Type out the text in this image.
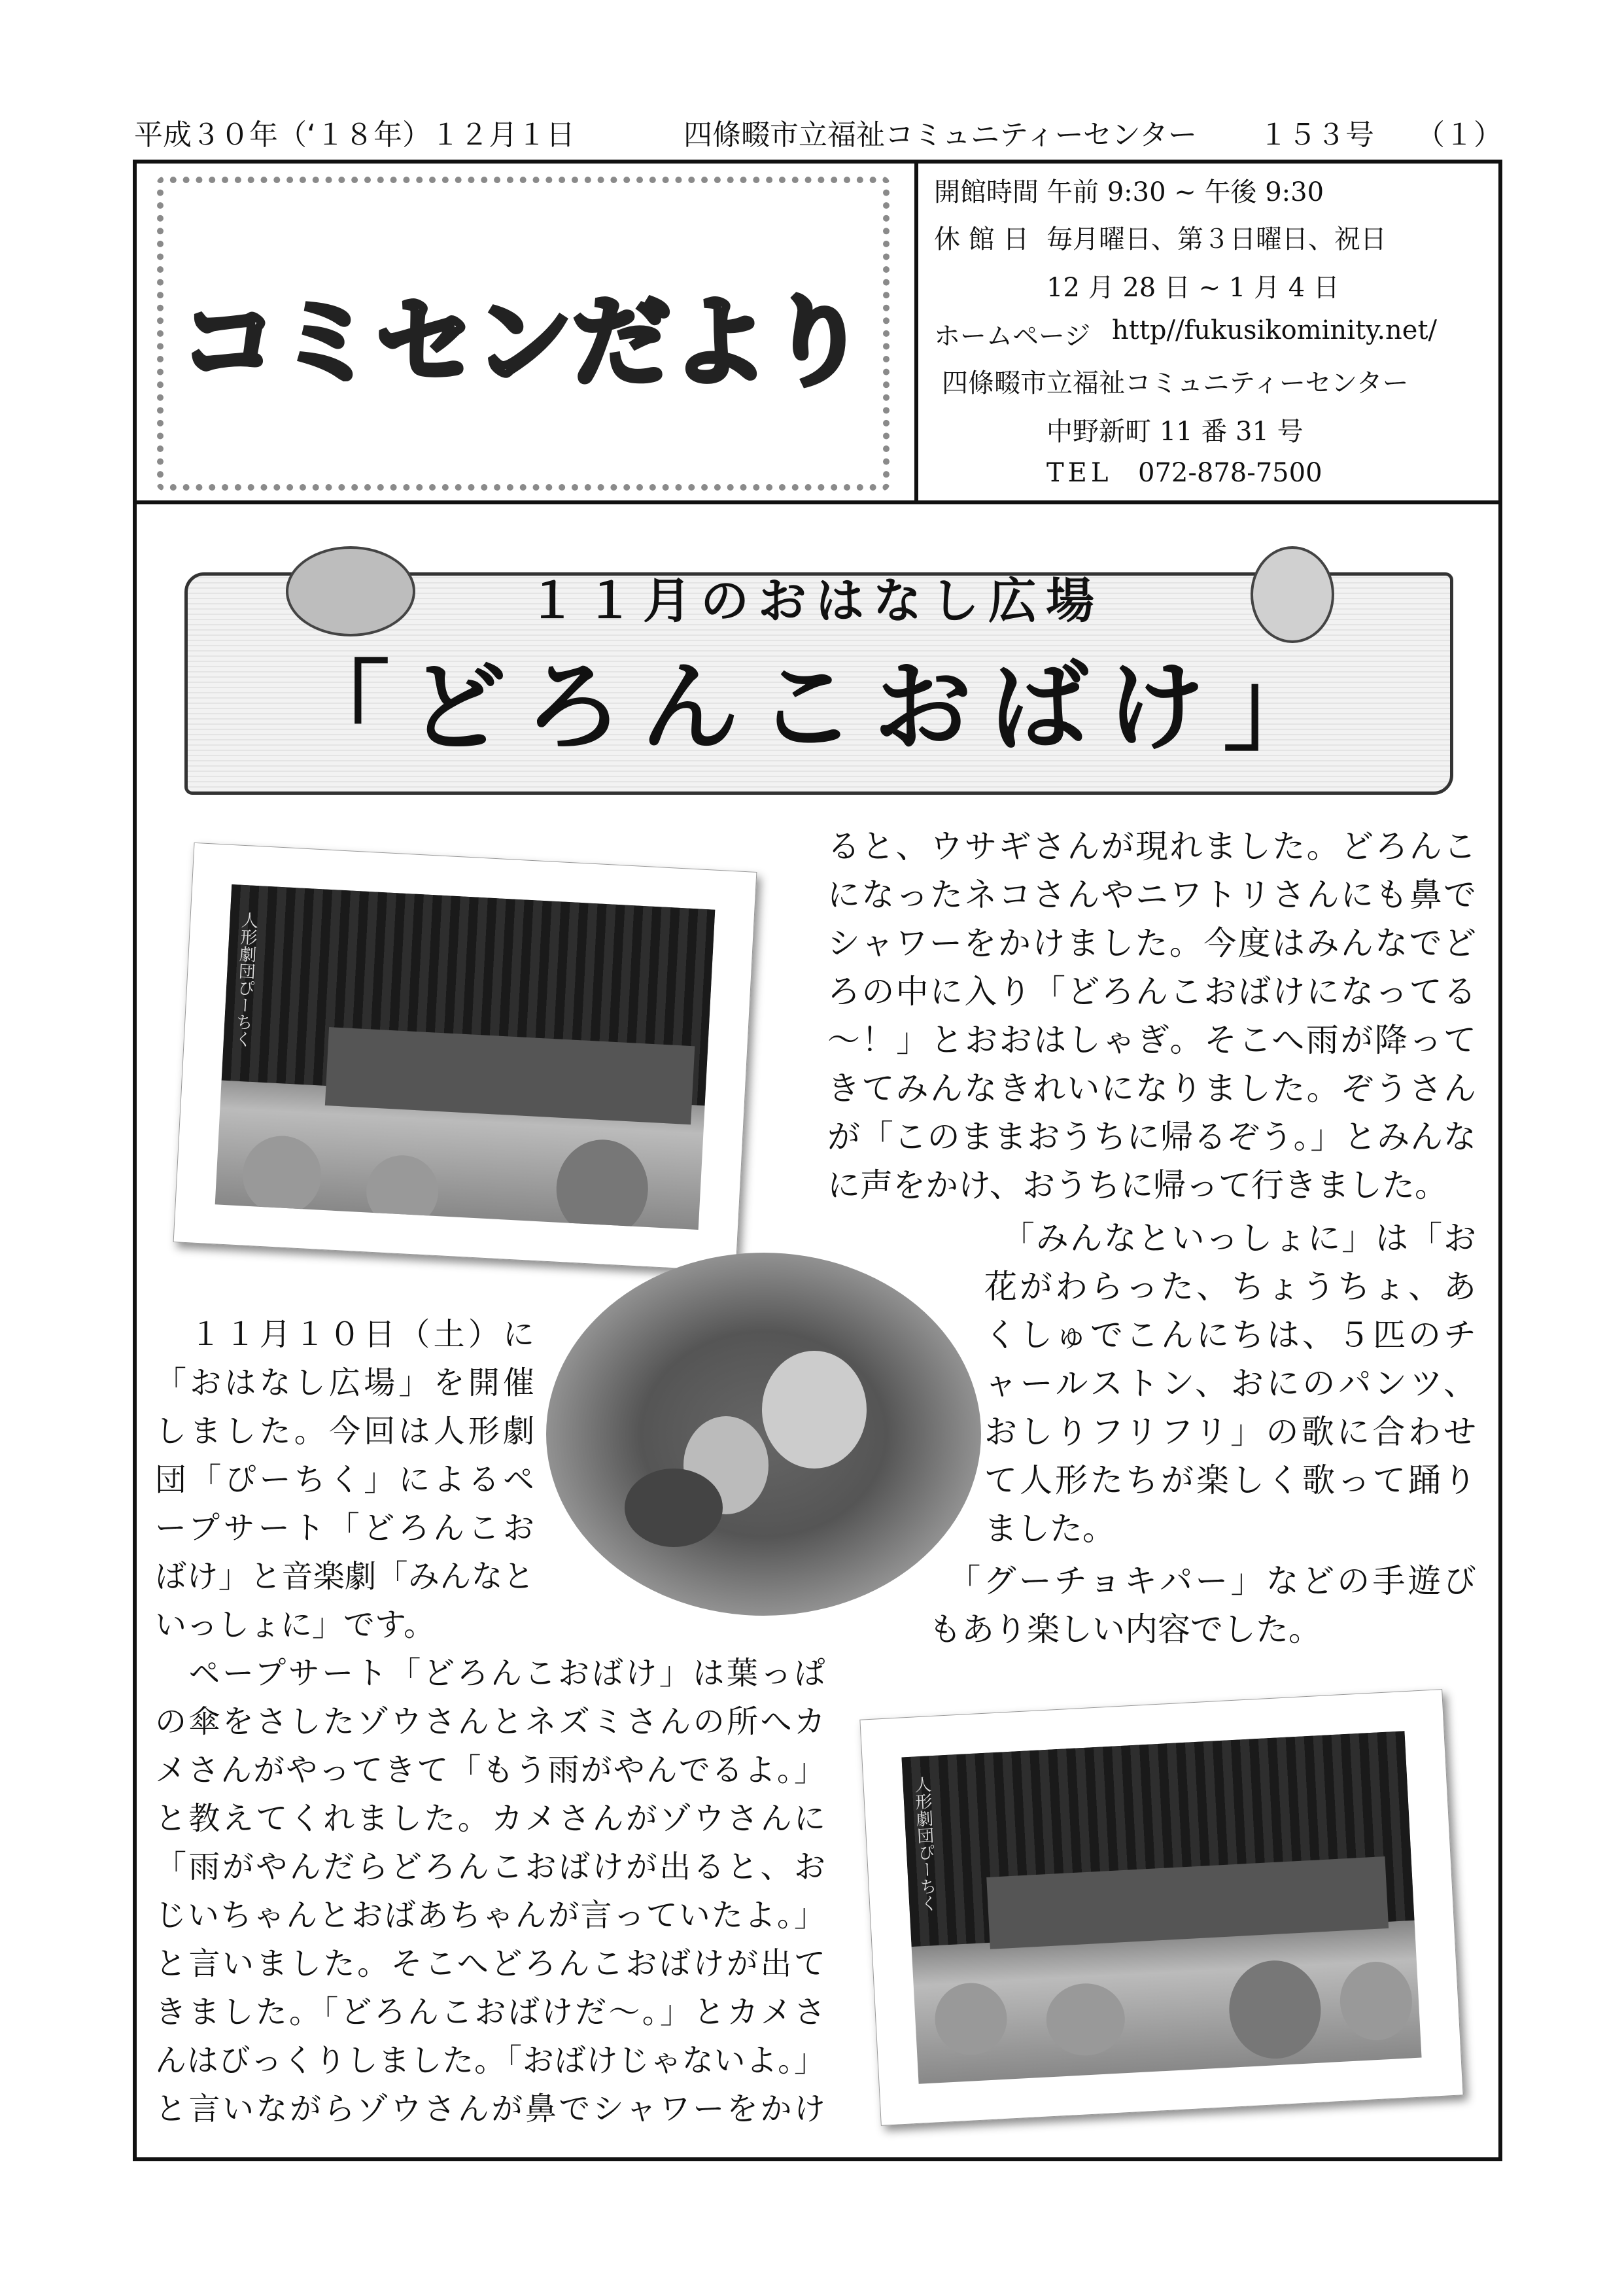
平成３０年（‘１８年）１２月１日	四條畷市立福祉コミュニティーセンター １５３号 （１）
コミセンだより
開館時間 午前 9:30 ~ 午後 9:30
休 館 日 毎月曜日、第３日曜日、祝日
12 月 28 日 ~ 1 月 4 日
ホームページ http//fukusikominity.net/
四條畷市立福祉コミュニティーセンター
中野新町 11 番 31 号
TEL 072-878-7500
１１月のおはなし広場
「どろんこおばけ」
人形劇団ぴーちく
ると、ウサギさんが現れました。どろんこ
になったネコさんやニワトリさんにも鼻で
シャワーをかけました。今度はみんなでど
ろの中に入り「どろんこおばけになってる
〜！」とおおはしゃぎ。そこへ雨が降って
きてみんなきれいになりました。ぞうさん
が「このままおうちに帰るぞう。」とみんな
に声をかけ、おうちに帰って行きました。
　「みんなといっしょに」は「お
花がわらった、ちょうちょ、あ
くしゅでこんにちは、５匹のチ
ャールストン、おにのパンツ、
おしりフリフリ」の歌に合わせ
て人形たちが楽しく歌って踊り
ました。
　「グーチョキパー」などの手遊び
もあり楽しい内容でした。
　１１月１０日（土）に
「おはなし広場」を開催
しました。今回は人形劇
団「ぴーちく」によるペ
ープサート「どろんこお
ばけ」と音楽劇「みんなと
いっしょに」です。
　ペープサート「どろんこおばけ」は葉っぱ
の傘をさしたゾウさんとネズミさんの所へカ
メさんがやってきて「もう雨がやんでるよ。」
と教えてくれました。カメさんがゾウさんに
「雨がやんだらどろんこおばけが出ると、お
じいちゃんとおばあちゃんが言っていたよ。」
と言いました。そこへどろんこおばけが出て
きました。「どろんこおばけだ〜。」とカメさ
んはびっくりしました。「おばけじゃないよ。」
と言いながらゾウさんが鼻でシャワーをかけ
人形劇団ぴーちく
